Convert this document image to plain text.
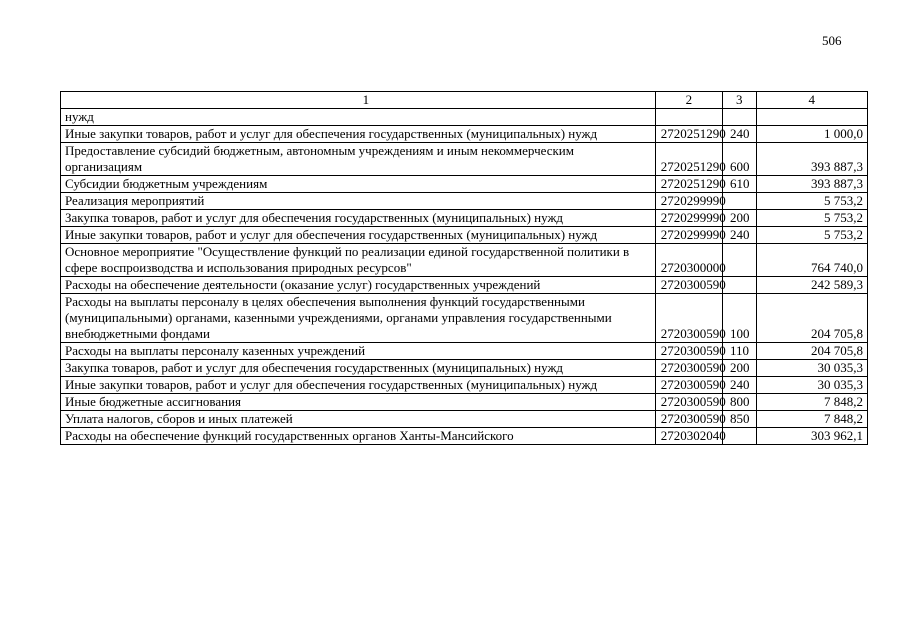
506
1	2	3	4
нужд			
Иные закупки товаров, работ и услуг для обеспечения государственных (муниципальных) нужд	2720251290	240	1 000,0
Предоставление субсидий бюджетным, автономным учреждениям и иным некоммерческим организациям	2720251290	600	393 887,3
Субсидии бюджетным учреждениям	2720251290	610	393 887,3
Реализация мероприятий	2720299990		5 753,2
Закупка товаров, работ и услуг для обеспечения государственных (муниципальных) нужд	2720299990	200	5 753,2
Иные закупки товаров, работ и услуг для обеспечения государственных (муниципальных) нужд	2720299990	240	5 753,2
Основное мероприятие "Осуществление функций по реализации единой государственной политики в сфере воспроизводства и использования природных ресурсов"	2720300000		764 740,0
Расходы на обеспечение деятельности (оказание услуг) государственных учреждений	2720300590		242 589,3
Расходы на выплаты персоналу в целях обеспечения выполнения функций государственными (муниципальными) органами, казенными учреждениями, органами управления государственными внебюджетными фондами	2720300590	100	204 705,8
Расходы на выплаты персоналу казенных учреждений	2720300590	110	204 705,8
Закупка товаров, работ и услуг для обеспечения государственных (муниципальных) нужд	2720300590	200	30 035,3
Иные закупки товаров, работ и услуг для обеспечения государственных (муниципальных) нужд	2720300590	240	30 035,3
Иные бюджетные ассигнования	2720300590	800	7 848,2
Уплата налогов, сборов и иных платежей	2720300590	850	7 848,2
Расходы на обеспечение функций государственных органов Ханты-Мансийского	2720302040		303 962,1
